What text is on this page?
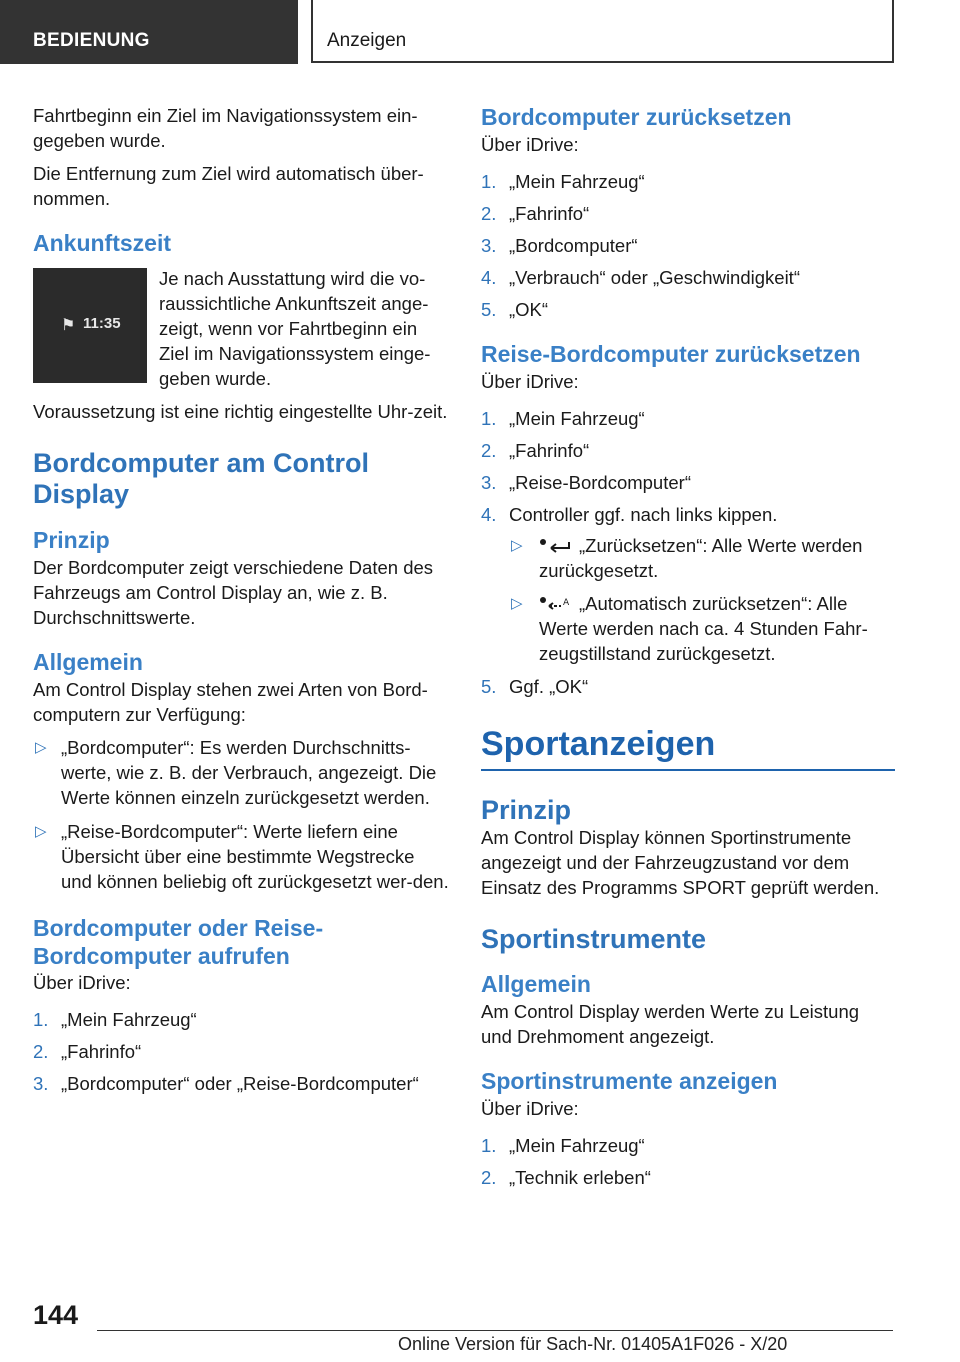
BEDIENUNG	Anzeigen

Fahrtbeginn ein Ziel im Navigationssystem ein-gegeben wurde.

Die Entfernung zum Ziel wird automatisch über-nommen.

Ankunftszeit
⚑ 11:35

Je nach Ausstattung wird die vo-raussichtliche Ankunftszeit ange-zeigt, wenn vor Fahrtbeginn ein Ziel im Navigationssystem einge-geben wurde.

Voraussetzung ist eine richtig eingestellte Uhr-zeit.

Bordcomputer am Control Display
Prinzip

Der Bordcomputer zeigt verschiedene Daten des Fahrzeugs am Control Display an, wie z. B. Durchschnittswerte.

Allgemein

Am Control Display stehen zwei Arten von Bord-computern zur Verfügung:

▷ „Bordcomputer“: Es werden Durchschnitts-werte, wie z. B. der Verbrauch, angezeigt. Die Werte können einzeln zurückgesetzt werden.
▷ „Reise-Bordcomputer“: Werte liefern eine Übersicht über eine bestimmte Wegstrecke und können beliebig oft zurückgesetzt wer-den.
Bordcomputer oder Reise-Bordcomputer aufrufen

Über iDrive:

1. „Mein Fahrzeug“
2. „Fahrinfo“
3. „Bordcomputer“ oder „Reise-Bordcomputer“
Bordcomputer zurücksetzen

Über iDrive:

1. „Mein Fahrzeug“
2. „Fahrinfo“
3. „Bordcomputer“
4. „Verbrauch“ oder „Geschwindigkeit“
5. „OK“
Reise-Bordcomputer zurücksetzen

Über iDrive:

1. „Mein Fahrzeug“
2. „Fahrinfo“
3. „Reise-Bordcomputer“
4. Controller ggf. nach links kippen.
▷	„Zurücksetzen“: Alle Werte werden zurückgesetzt.
▷	A „Automatisch zurücksetzen“: Alle Werte werden nach ca. 4 Stunden Fahr-zeugstillstand zurückgesetzt.
5. Ggf. „OK“
Sportanzeigen
Prinzip

Am Control Display können Sportinstrumente angezeigt und der Fahrzeugzustand vor dem Einsatz des Programms SPORT geprüft werden.

Sportinstrumente
Allgemein

Am Control Display werden Werte zu Leistung und Drehmoment angezeigt.

Sportinstrumente anzeigen

Über iDrive:

1. „Mein Fahrzeug“
2. „Technik erleben“
144
Online Version für Sach-Nr. 01405A1F026 - X/20
